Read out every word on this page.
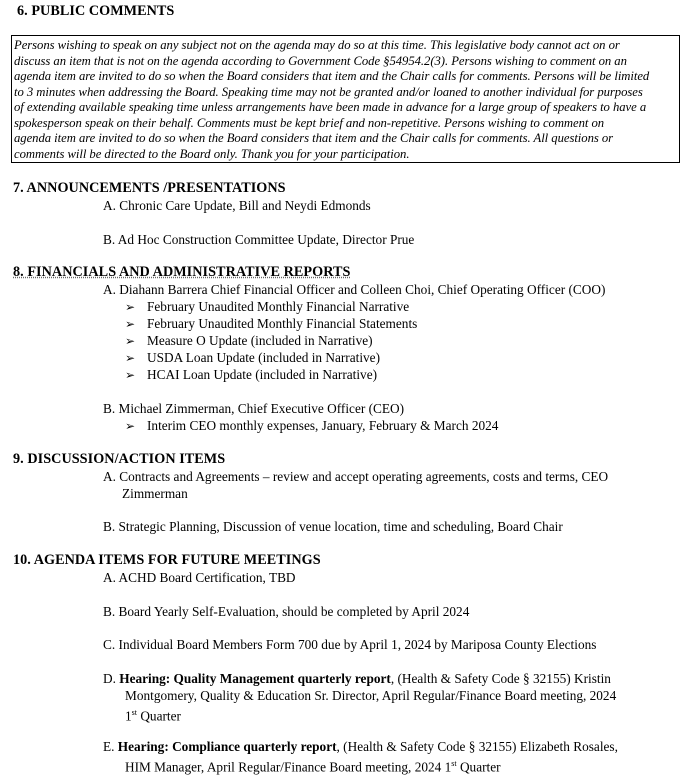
6. PUBLIC COMMENTS
Persons wishing to speak on any subject not on the agenda may do so at this time. This legislative body cannot act on or
discuss an item that is not on the agenda according to Government Code §54954.2(3). Persons wishing to comment on an
agenda item are invited to do so when the Board considers that item and the Chair calls for comments. Persons will be limited
to 3 minutes when addressing the Board. Speaking time may not be granted and/or loaned to another individual for purposes
of extending available speaking time unless arrangements have been made in advance for a large group of speakers to have a
spokesperson speak on their behalf. Comments must be kept brief and non-repetitive. Persons wishing to comment on
agenda item are invited to do so when the Board considers that item and the Chair calls for comments. All questions or
comments will be directed to the Board only. Thank you for your participation.
7. ANNOUNCEMENTS /PRESENTATIONS
A. Chronic Care Update, Bill and Neydi Edmonds
B. Ad Hoc Construction Committee Update, Director Prue
8. FINANCIALS AND ADMINISTRATIVE REPORTS
A. Diahann Barrera Chief Financial Officer and Colleen Choi, Chief Operating Officer (COO)
➢ February Unaudited Monthly Financial Narrative
➢ February Unaudited Monthly Financial Statements
➢ Measure O Update (included in Narrative)
➢ USDA Loan Update (included in Narrative)
➢ HCAI Loan Update (included in Narrative)
B. Michael Zimmerman, Chief Executive Officer (CEO)
➢ Interim CEO monthly expenses, January, February & March 2024
9. DISCUSSION/ACTION ITEMS
A. Contracts and Agreements – review and accept operating agreements, costs and terms, CEO
Zimmerman
B. Strategic Planning, Discussion of venue location, time and scheduling, Board Chair
10. AGENDA ITEMS FOR FUTURE MEETINGS
A. ACHD Board Certification, TBD
B. Board Yearly Self-Evaluation, should be completed by April 2024
C. Individual Board Members Form 700 due by April 1, 2024 by Mariposa County Elections
D. Hearing: Quality Management quarterly report, (Health & Safety Code § 32155) Kristin
Montgomery, Quality & Education Sr. Director, April Regular/Finance Board meeting, 2024
1st Quarter
E. Hearing: Compliance quarterly report, (Health & Safety Code § 32155) Elizabeth Rosales,
HIM Manager, April Regular/Finance Board meeting, 2024 1st Quarter
